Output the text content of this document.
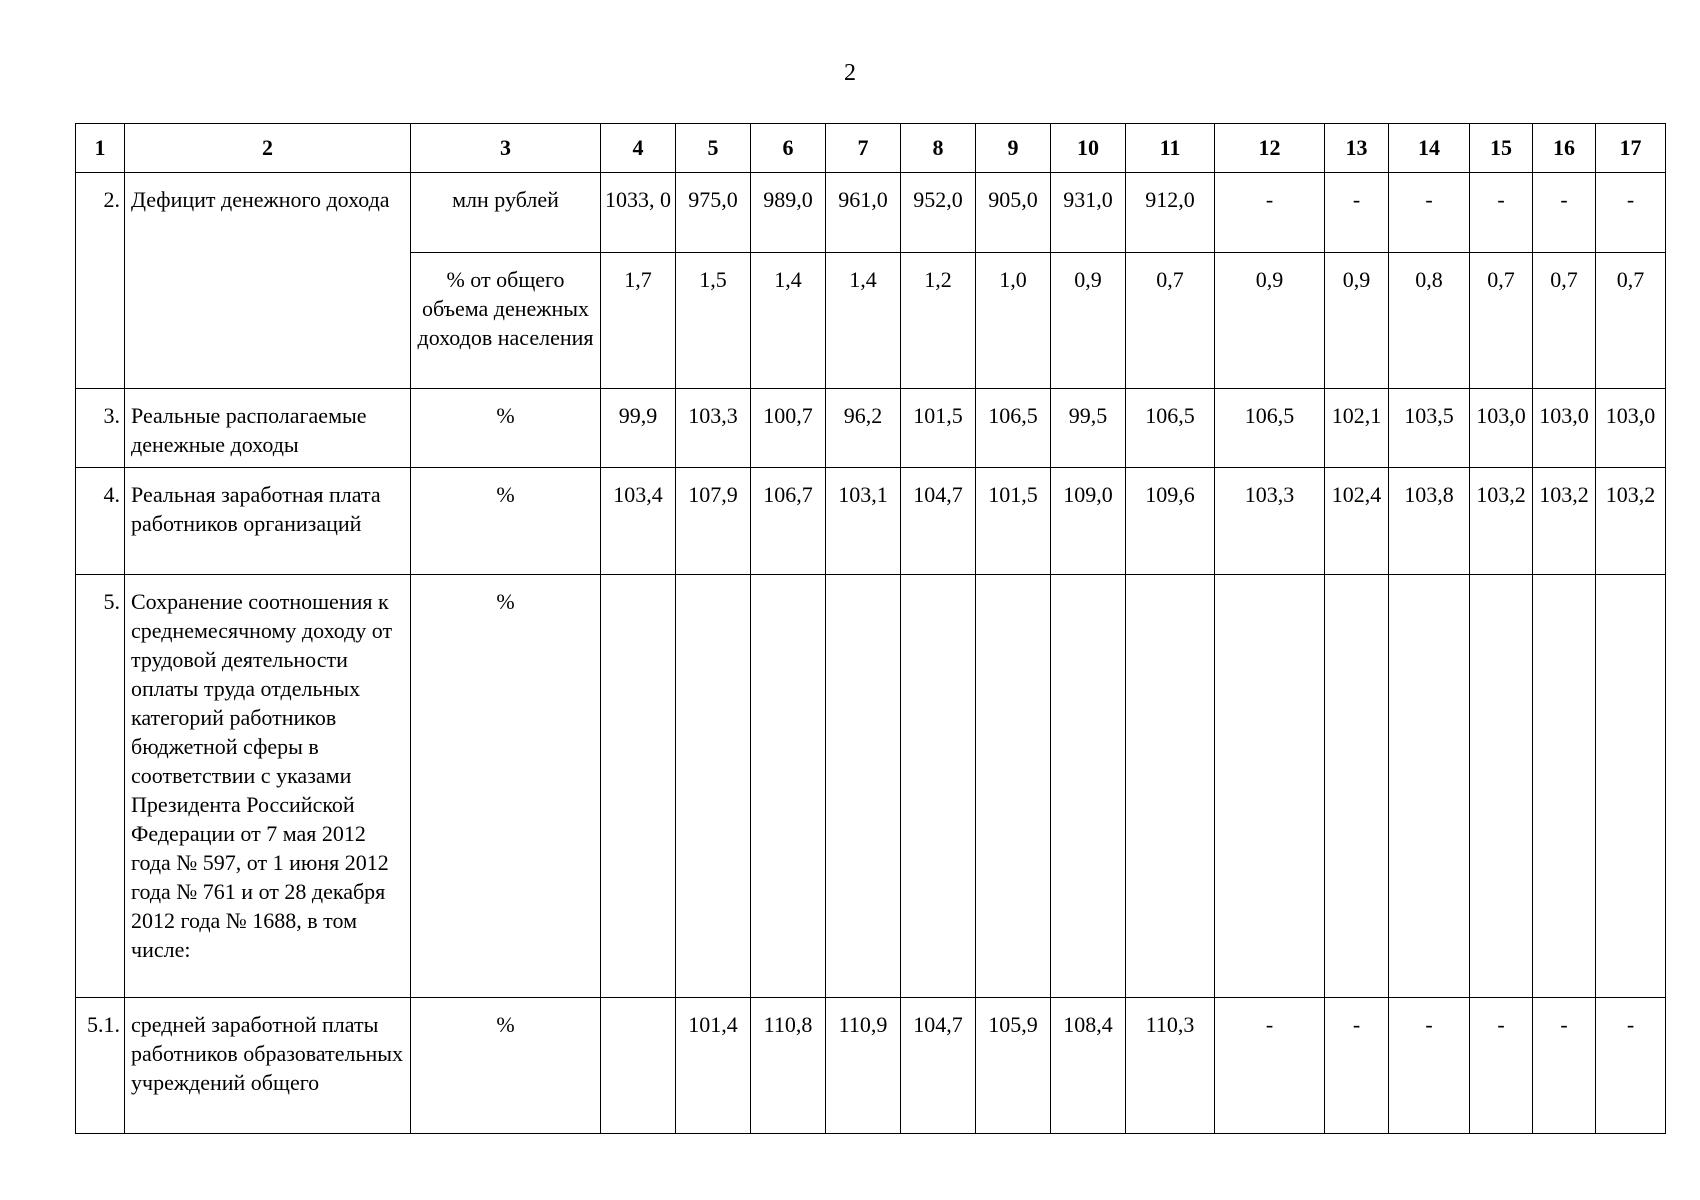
2
1	2	3	4	5	6	7	8	9	10	11	12	13	14	15	16	17
2.	Дефицит денежного дохода	млн рублей	1033, 0	975,0	989,0	961,0	952,0	905,0	931,0	912,0	-	-	-	-	-	-
		% от общего объема денежных доходов населения	1,7	1,5	1,4	1,4	1,2	1,0	0,9	0,7	0,9	0,9	0,8	0,7	0,7	0,7
3.	Реальные располагаемые денежные доходы	%	99,9	103,3	100,7	96,2	101,5	106,5	99,5	106,5	106,5	102,1	103,5	103,0	103,0	103,0
4.	Реальная заработная плата работников организаций	%	103,4	107,9	106,7	103,1	104,7	101,5	109,0	109,6	103,3	102,4	103,8	103,2	103,2	103,2
5.	Сохранение соотношения к среднемесячному доходу от трудовой деятельности оплаты труда отдельных категорий работников бюджетной сферы в соответствии с указами Президента Российской Федерации от 7 мая 2012 года № 597, от 1 июня 2012 года № 761 и от 28 декабря 2012 года № 1688, в том числе:	%														
5.1.	средней заработной платы работников образовательных учреждений общего	%		101,4	110,8	110,9	104,7	105,9	108,4	110,3	-	-	-	-	-	-
